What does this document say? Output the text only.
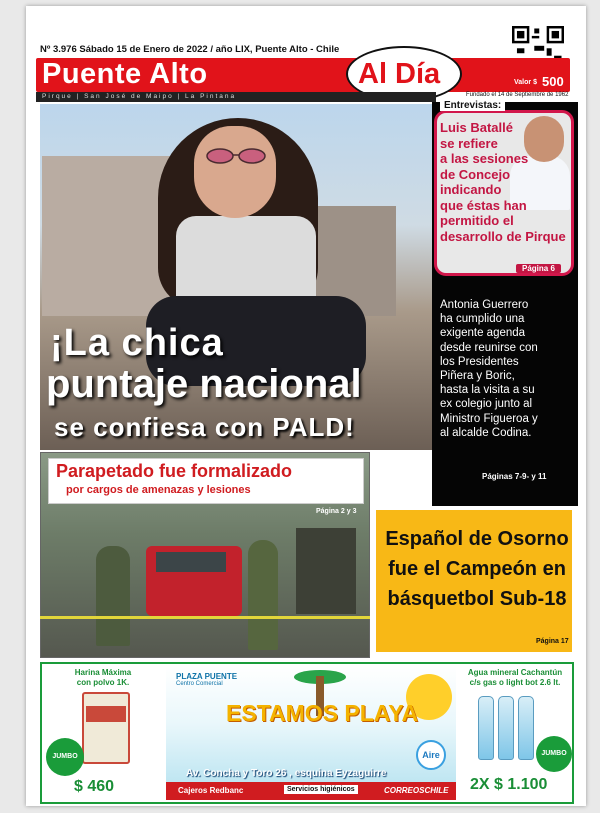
Nº 3.976 Sábado 15 de Enero de 2022 / año LIX, Puente Alto - Chile
Puente Alto	Al Día	Valor $ 500
Pirque | San José de Maipo | La Pintana	Fundado el 14 de Septiembre de 1962
¡La chica
puntaje nacional
se confiesa con PALD!
Entrevistas:
Luis Batallé
se refiere
a las sesiones
de Concejo
indicando
que éstas han
permitido el
desarrollo de Pirque
Página 6
Antonia Guerrero
ha cumplido una
exigente agenda
desde reunirse con
los Presidentes
Piñera y Boric,
hasta la visita a su
ex colegio junto al
Ministro Figueroa y
al alcalde Codina.
Páginas 7-9- y 11
Parapetado fue formalizado
por cargos de amenazas y lesiones
Página 2 y 3
Español de Osorno
fue el Campeón en
básquetbol Sub-18
Página 17
Harina Máxima
con polvo 1K.
JUMBO
$ 460
PLAZA PUENTE
Centro Comercial
ESTAMOS PLAYA
Aire
Av. Concha y Toro 26 , esquina Eyzaguirre
Cajeros Redbanc	Servicios higiénicos	CORREOSCHILE
Agua mineral Cachantún
c/s gas o light bot 2.6 lt.
JUMBO
2X $ 1.100
